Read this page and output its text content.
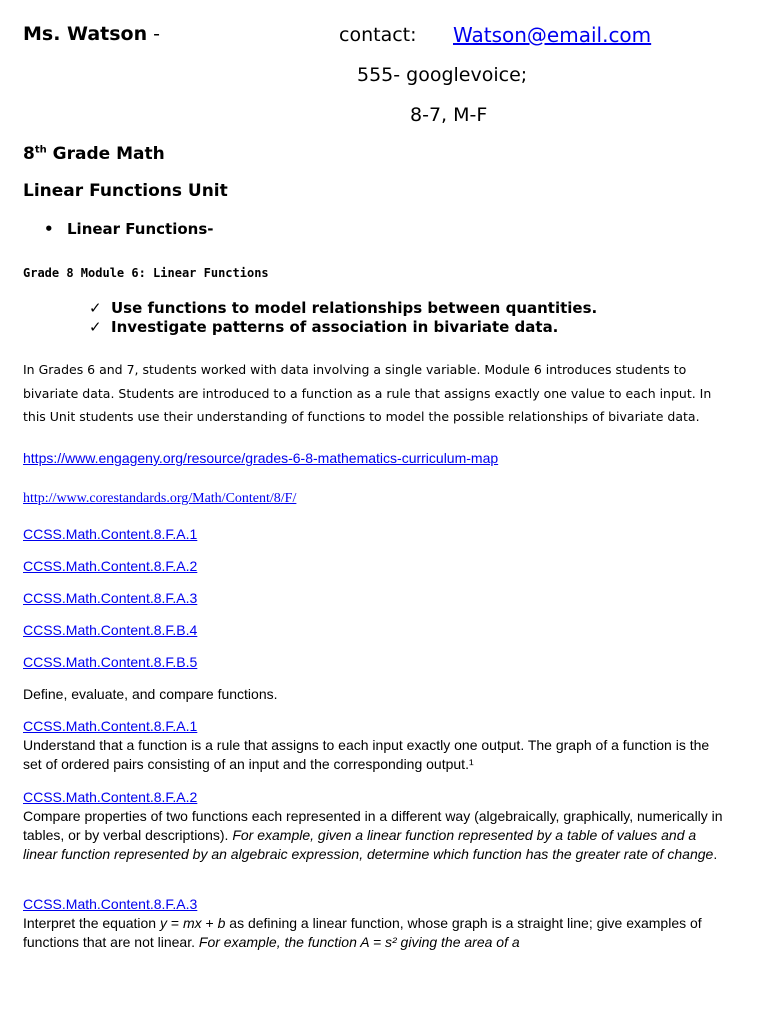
Ms. Watson -	contact: Watson@email.com
555- googlevoice;
8-7, M-F
8th Grade Math
Linear Functions Unit
• Linear Functions-
Grade 8 Module 6: Linear Functions
✓ Use functions to model relationships between quantities.
✓ Investigate patterns of association in bivariate data.
In Grades 6 and 7, students worked with data involving a single variable. Module 6 introduces students to bivariate data. Students are introduced to a function as a rule that assigns exactly one value to each input. In this Unit students use their understanding of functions to model the possible relationships of bivariate data.
https://www.engageny.org/resource/grades-6-8-mathematics-curriculum-map
http://www.corestandards.org/Math/Content/8/F/
CCSS.Math.Content.8.F.A.1
CCSS.Math.Content.8.F.A.2
CCSS.Math.Content.8.F.A.3
CCSS.Math.Content.8.F.B.4
CCSS.Math.Content.8.F.B.5
Define, evaluate, and compare functions.
CCSS.Math.Content.8.F.A.1
Understand that a function is a rule that assigns to each input exactly one output. The graph of a function is the set of ordered pairs consisting of an input and the corresponding output.¹
CCSS.Math.Content.8.F.A.2
Compare properties of two functions each represented in a different way (algebraically, graphically, numerically in tables, or by verbal descriptions). For example, given a linear function represented by a table of values and a linear function represented by an algebraic expression, determine which function has the greater rate of change.
CCSS.Math.Content.8.F.A.3
Interpret the equation y = mx + b as defining a linear function, whose graph is a straight line; give examples of functions that are not linear. For example, the function A = s² giving the area of a
